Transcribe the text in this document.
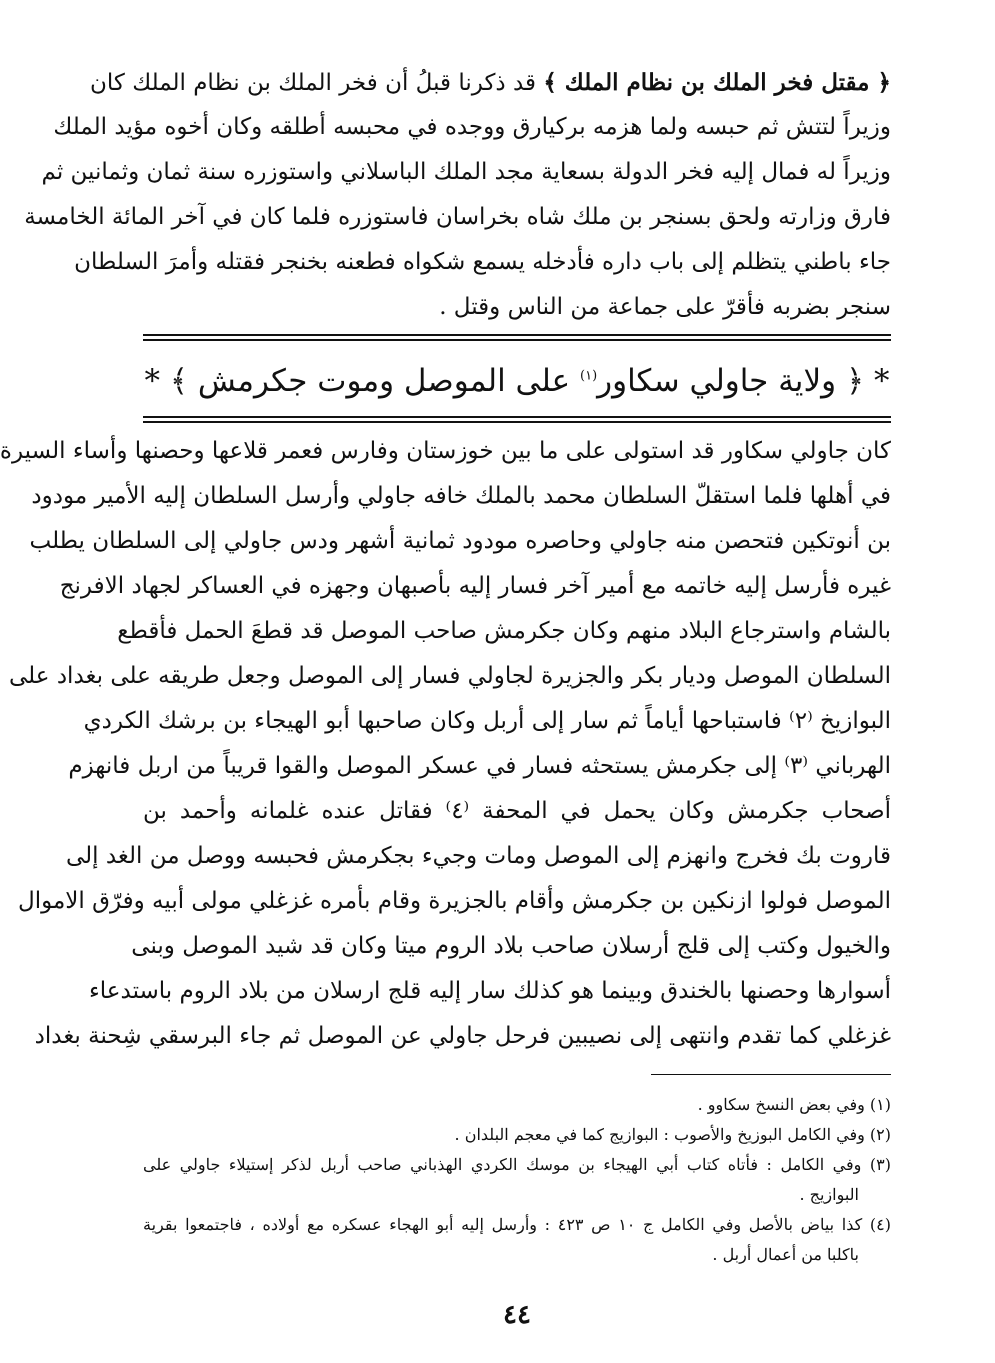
﴿ مقتل فخر الملك بن نظام الملك ﴾ قد ذكرنا قبلُ أن فخر الملك بن نظام الملك كان
وزيراً لتتش ثم حبسه ولما هزمه بركيارق ووجده في محبسه أطلقه وكان أخوه مؤيد الملك
وزيراً له فمال إليه فخر الدولة بسعاية مجد الملك الباسلاني واستوزره سنة ثمان وثمانين ثم
فارق وزارته ولحق بسنجر بن ملك شاه بخراسان فاستوزره فلما كان في آخر المائة الخامسة
جاء باطني يتظلم إلى باب داره فأدخله يسمع شكواه فطعنه بخنجر فقتله وأمرَ السلطان
سنجر بضربه فأقرّ على جماعة من الناس وقتل .
* ﴿ ولاية جاولي سكاور$^{(١)}$ على الموصل وموت جكرمش ﴾ *
كان جاولي سكاور قد استولى على ما بين خوزستان وفارس فعمر قلاعها وحصنها وأساء السيرة
في أهلها فلما استقلّ السلطان محمد بالملك خافه جاولي وأرسل السلطان إليه الأمير مودود
بن أنوتكين فتحصن منه جاولي وحاصره مودود ثمانية أشهر ودس جاولي إلى السلطان يطلب
غيره فأرسل إليه خاتمه مع أمير آخر فسار إليه بأصبهان وجهزه في العساكر لجهاد الافرنج
بالشام واسترجاع البلاد منهم وكان جكرمش صاحب الموصل قد قطعَ الحمل فأقطع
السلطان الموصل وديار بكر والجزيرة لجاولي فسار إلى الموصل وجعل طريقه على بغداد على
البوازيخ ⁽٢⁾ فاستباحها أياماً ثم سار إلى أربل وكان صاحبها أبو الهيجاء بن برشك الكردي
الهرباني ⁽٣⁾ إلى جكرمش يستحثه فسار في عسكر الموصل والقوا قريباً من اربل فانهزم
أصحاب جكرمش وكان يحمل في المحفة ⁽٤⁾ فقاتل عنده غلمانه وأحمد بن
قاروت بك فخرج وانهزم إلى الموصل ومات وجيء بجكرمش فحبسه ووصل من الغد إلى
الموصل فولوا ازنكين بن جكرمش وأقام بالجزيرة وقام بأمره غزغلي مولى أبيه وفرّق الاموال
والخيول وكتب إلى قلج أرسلان صاحب بلاد الروم ميتا وكان قد شيد الموصل وبنى
أسوارها وحصنها بالخندق وبينما هو كذلك سار إليه قلج ارسلان من بلاد الروم باستدعاء
غزغلي كما تقدم وانتهى إلى نصيبين فرحل جاولي عن الموصل ثم جاء البرسقي شِحنة بغداد
(١) وفي بعض النسخ سكاوو .
(٢) وفي الكامل البوزيخ والأصوب : البوازيج كما في معجم البلدان .
(٣) وفي الكامل : فأتاه كتاب أبي الهيجاء بن موسك الكردي الهذباني صاحب أربل لذكر إستيلاء جاولي على
البوازيج .
(٤) كذا بياض بالأصل وفي الكامل ج ١٠ ص ٤٢٣ : وأرسل إليه أبو الهجاء عسكره مع أولاده ، فاجتمعوا بقرية
باكلبا من أعمال أربل .
٤٤
